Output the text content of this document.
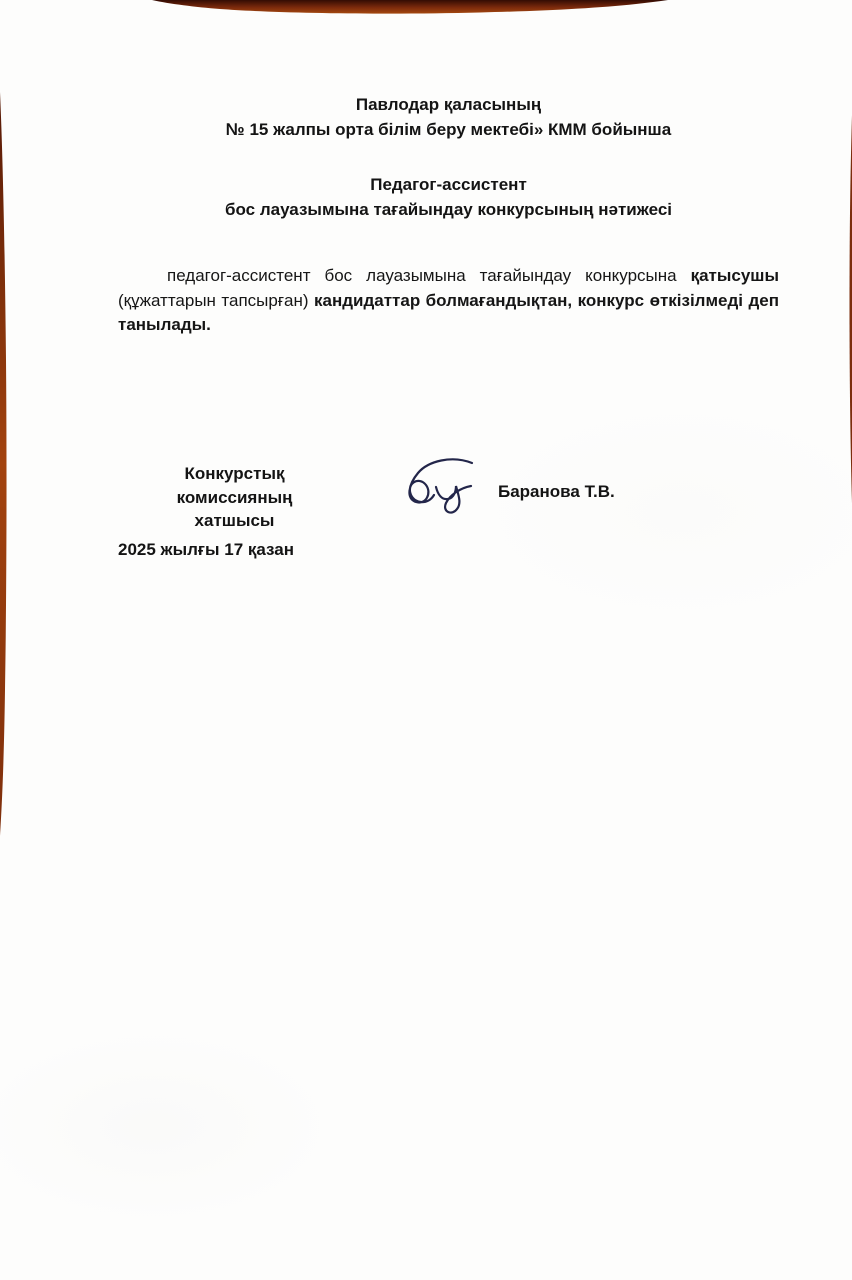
Павлодар қаласының
№ 15 жалпы орта білім беру мектебі» КММ бойынша
Педагог-ассистент
бос лауазымына тағайындау конкурсының нәтижесі
педагог-ассистент бос лауазымына тағайындау конкурсына қатысушы
(құжаттарын тапсырған) кандидаттар болмағандықтан, конкурс өткізілмеді деп
танылады.
Конкурстық комиссияның
хатшысы
Баранова Т.В.
2025 жылғы 17 қазан
